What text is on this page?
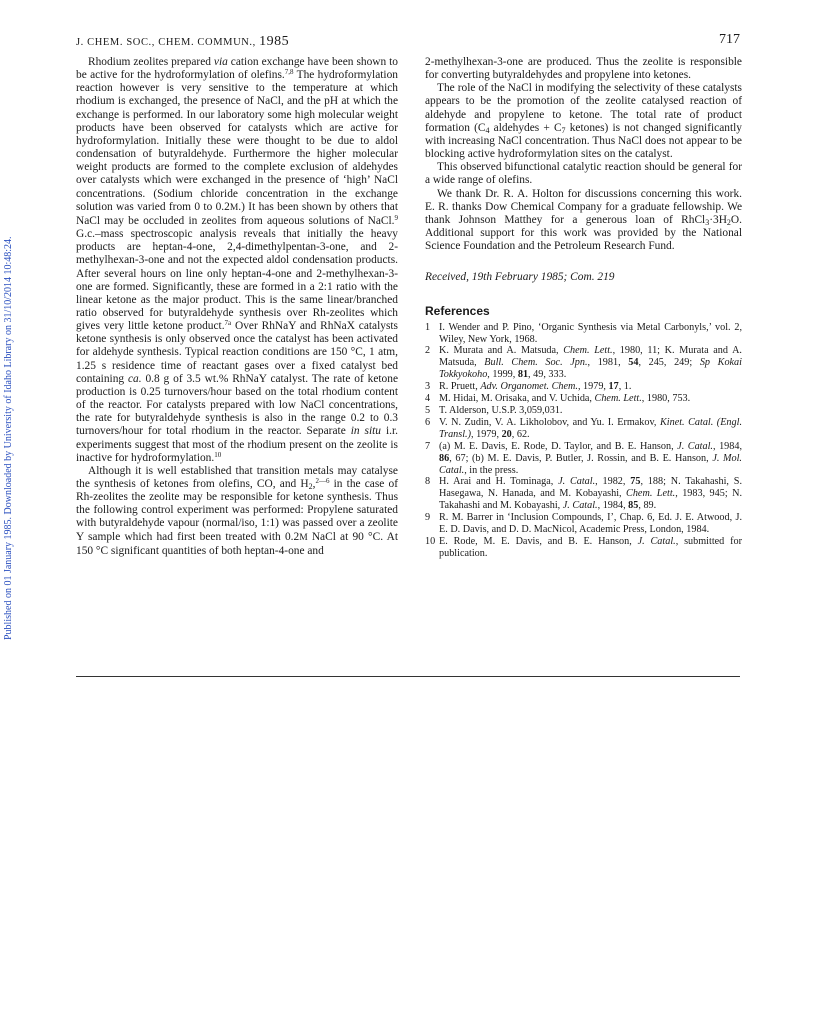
J. CHEM. SOC., CHEM. COMMUN., 1985	717
Published on 01 January 1985. Downloaded by University of Idaho Library on 31/10/2014 10:48:24.

Rhodium zeolites prepared via cation exchange have been shown to be active for the hydroformylation of olefins.$^{7,8}$ The hydroformylation reaction however is very sensitive to the temperature at which rhodium is exchanged, the presence of NaCl, and the pH at which the exchange is performed. In our laboratory some high molecular weight products have been observed for catalysts which are active for hydroformylation. Initially these were thought to be due to aldol condensation of butyraldehyde. Furthermore the higher molecular weight products are formed to the complete exclusion of aldehydes over catalysts which were exchanged in the presence of ‘high’ NaCl concentrations. (Sodium chloride concentration in the exchange solution was varied from 0 to 0.2M.) It has been shown by others that NaCl may be occluded in zeolites from aqueous solutions of NaCl.$^9$ G.c.–mass spectroscopic analysis reveals that initially the heavy products are heptan-4-one, 2,4-dimethylpentan-3-one, and 2-methylhexan-3-one and not the expected aldol condensation products. After several hours on line only heptan-4-one and 2-methylhexan-3-one are formed. Significantly, these are formed in a 2:1 ratio with the linear ketone as the major product. This is the same linear/branched ratio observed for butyraldehyde synthesis over Rh-zeolites which gives very little ketone product.$^{7a}$ Over RhNaY and RhNaX catalysts ketone synthesis is only observed once the catalyst has been activated for aldehyde synthesis. Typical reaction conditions are 150 °C, 1 atm, 1.25 s residence time of reactant gases over a fixed catalyst bed containing ca. 0.8 g of 3.5 wt.% RhNaY catalyst. The rate of ketone production is 0.25 turnovers/hour based on the total rhodium content of the reactor. For catalysts prepared with low NaCl concentrations, the rate for butyraldehyde synthesis is also in the range 0.2 to 0.3 turnovers/hour for total rhodium in the reactor. Separate in situ i.r. experiments suggest that most of the rhodium present on the zeolite is inactive for hydroformylation.$^{10}$

Although it is well established that transition metals may catalyse the synthesis of ketones from olefins, CO, and $H_2,^{2—6}$ in the case of Rh-zeolites the zeolite may be responsible for ketone synthesis. Thus the following control experiment was performed: Propylene saturated with butyraldehyde vapour (normal/iso, 1:1) was passed over a zeolite Y sample which had first been treated with 0.2M NaCl at 90 °C. At 150 °C significant quantities of both heptan-4-one and

2-methylhexan-3-one are produced. Thus the zeolite is responsible for converting butyraldehydes and propylene into ketones.

The role of the NaCl in modifying the selectivity of these catalysts appears to be the promotion of the zeolite catalysed reaction of aldehyde and propylene to ketone. The total rate of product formation ($C_4$ aldehydes + $C_7$ ketones) is not changed significantly with increasing NaCl concentration. Thus NaCl does not appear to be blocking active hydroformylation sites on the catalyst.

This observed bifunctional catalytic reaction should be general for a wide range of olefins.

We thank Dr. R. A. Holton for discussions concerning this work. E. R. thanks Dow Chemical Company for a graduate fellowship. We thank Johnson Matthey for a generous loan of $RhCl_3\cdot 3H_2O$. Additional support for this work was provided by the National Science Foundation and the Petroleum Research Fund.

Received, 19th February 1985; Com. 219

References
1 I. Wender and P. Pino, ‘Organic Synthesis via Metal Carbonyls,’ vol. 2, Wiley, New York, 1968.
2 K. Murata and A. Matsuda, Chem. Lett., 1980, 11; K. Murata and A. Matsuda, Bull. Chem. Soc. Jpn., 1981, 54, 245, 249; Sp Kokai Tokkyokoho, 1999, 81, 49, 333.
3 R. Pruett, Adv. Organomet. Chem., 1979, 17, 1.
4 M. Hidai, M. Orisaka, and V. Uchida, Chem. Lett., 1980, 753.
5 T. Alderson, U.S.P. 3,059,031.
6 V. N. Zudin, V. A. Likholobov, and Yu. I. Ermakov, Kinet. Catal. (Engl. Transl.), 1979, 20, 62.
7 (a) M. E. Davis, E. Rode, D. Taylor, and B. E. Hanson, J. Catal., 1984, 86, 67; (b) M. E. Davis, P. Butler, J. Rossin, and B. E. Hanson, J. Mol. Catal., in the press.
8 H. Arai and H. Tominaga, J. Catal., 1982, 75, 188; N. Takahashi, S. Hasegawa, N. Hanada, and M. Kobayashi, Chem. Lett., 1983, 945; N. Takahashi and M. Kobayashi, J. Catal., 1984, 85, 89.
9 R. M. Barrer in ‘Inclusion Compounds, I’, Chap. 6, Ed. J. E. Atwood, J. E. D. Davis, and D. D. MacNicol, Academic Press, London, 1984.
10 E. Rode, M. E. Davis, and B. E. Hanson, J. Catal., submitted for publication.
